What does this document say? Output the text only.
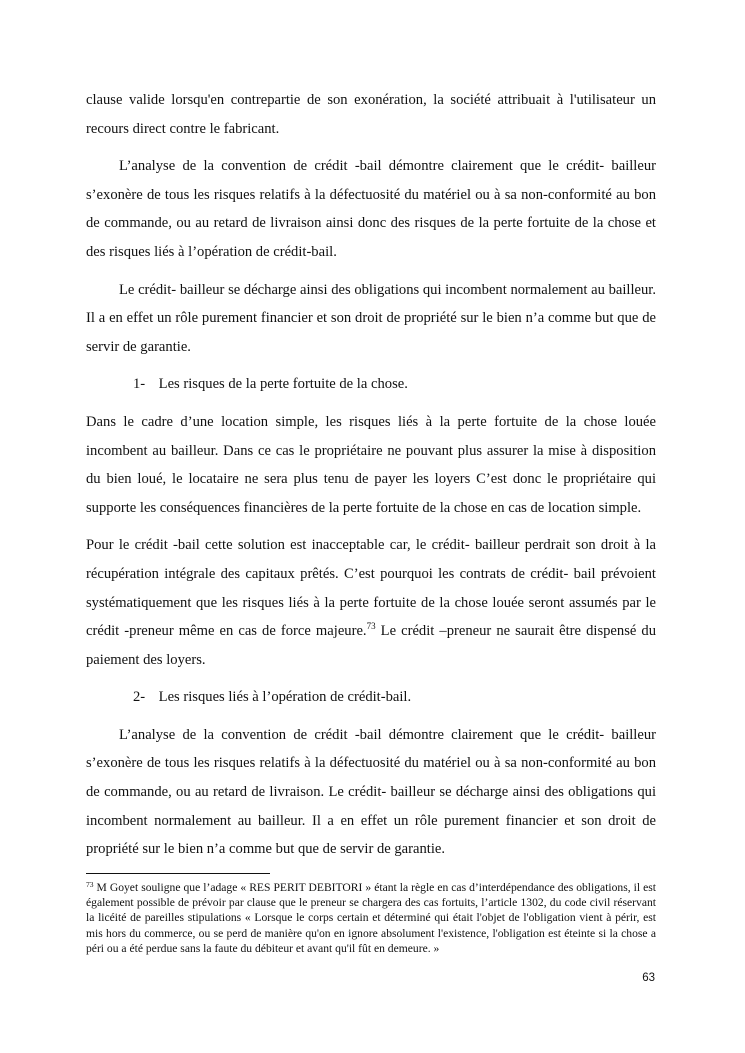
clause valide lorsqu'en contrepartie de son exonération, la société attribuait à l'utilisateur un recours direct contre le fabricant.

L’analyse de la convention de crédit -bail démontre clairement que le crédit- bailleur s’exonère de tous les risques relatifs à la défectuosité du matériel ou à sa non-conformité au bon de commande, ou au retard de livraison ainsi donc des risques de la perte fortuite de la chose et des risques liés à l’opération de crédit-bail.

Le crédit- bailleur se décharge ainsi des obligations qui incombent normalement au bailleur. Il a en effet un rôle purement financier et son droit de propriété sur le bien n’a comme but que de servir de garantie.

1- Les risques de la perte fortuite de la chose.

Dans le cadre d’une location simple, les risques liés à la perte fortuite de la chose louée incombent au bailleur. Dans ce cas le propriétaire ne pouvant plus assurer la mise à disposition du bien loué, le locataire ne sera plus tenu de payer les loyers C’est donc le propriétaire qui supporte les conséquences financières de la perte fortuite de la chose en cas de location simple.

Pour le crédit -bail cette solution est inacceptable car, le crédit- bailleur perdrait son droit à la récupération intégrale des capitaux prêtés. C’est pourquoi les contrats de crédit- bail prévoient systématiquement que les risques liés à la perte fortuite de la chose louée seront assumés par le crédit -preneur même en cas de force majeure.$^{73}$ Le crédit –preneur ne saurait être dispensé du paiement des loyers.

2- Les risques liés à l’opération de crédit-bail.

L’analyse de la convention de crédit -bail démontre clairement que le crédit- bailleur s’exonère de tous les risques relatifs à la défectuosité du matériel ou à sa non-conformité au bon de commande, ou au retard de livraison. Le crédit- bailleur se décharge ainsi des obligations qui incombent normalement au bailleur. Il a en effet un rôle purement financier et son droit de propriété sur le bien n’a comme but que de servir de garantie.

$^{73}$ M Goyet souligne que l’adage « RES PERIT DEBITORI » étant la règle en cas d’interdépendance des obligations, il est également possible de prévoir par clause que le preneur se chargera des cas fortuits, l’article 1302, du code civil réservant la licéité de pareilles stipulations « Lorsque le corps certain et déterminé qui était l'objet de l'obligation vient à périr, est mis hors du commerce, ou se perd de manière qu'on en ignore absolument l'existence, l'obligation est éteinte si la chose a péri ou a été perdue sans la faute du débiteur et avant qu'il fût en demeure. »

63
